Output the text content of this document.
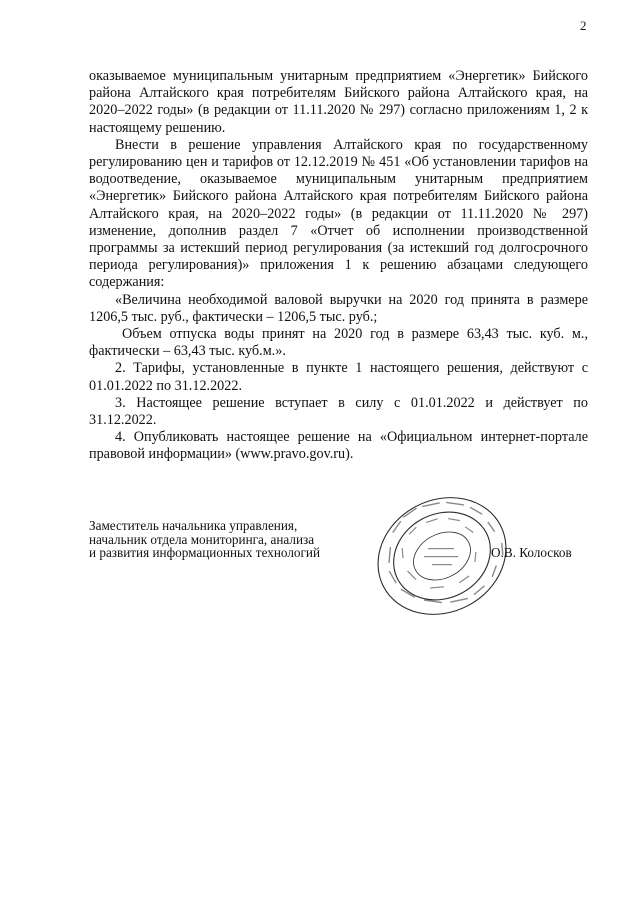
2

оказываемое муниципальным унитарным предприятием «Энергетик» Бийского района Алтайского края потребителям Бийского района Алтайского края, на 2020–2022 годы» (в редакции от 11.11.2020 № 297) согласно приложениям 1, 2 к настоящему решению.

Внести в решение управления Алтайского края по государственному регулированию цен и тарифов от 12.12.2019 № 451 «Об установлении тарифов на водоотведение, оказываемое муниципальным унитарным предприятием «Энергетик» Бийского района Алтайского края потребителям Бийского района Алтайского края, на 2020–2022 годы» (в редакции от 11.11.2020 № 297) изменение, дополнив раздел 7 «Отчет об исполнении производственной программы за истекший период регулирования (за истекший год долгосрочного периода регулирования)» приложения 1 к решению абзацами следующего содержания:

«Величина необходимой валовой выручки на 2020 год принята в размере 1206,5 тыс. руб., фактически – 1206,5 тыс. руб.;

Объем отпуска воды принят на 2020 год в размере 63,43 тыс. куб. м., фактически – 63,43 тыс. куб.м.».

2. Тарифы, установленные в пункте 1 настоящего решения, действуют с 01.01.2022 по 31.12.2022.

3. Настоящее решение вступает в силу с 01.01.2022 и действует по 31.12.2022.

4. Опубликовать настоящее решение на «Официальном интернет-портале правовой информации» (www.pravo.gov.ru).

Заместитель начальника управления,
начальник отдела мониторинга, анализа
и развития информационных технологий	О.В. Колосков
